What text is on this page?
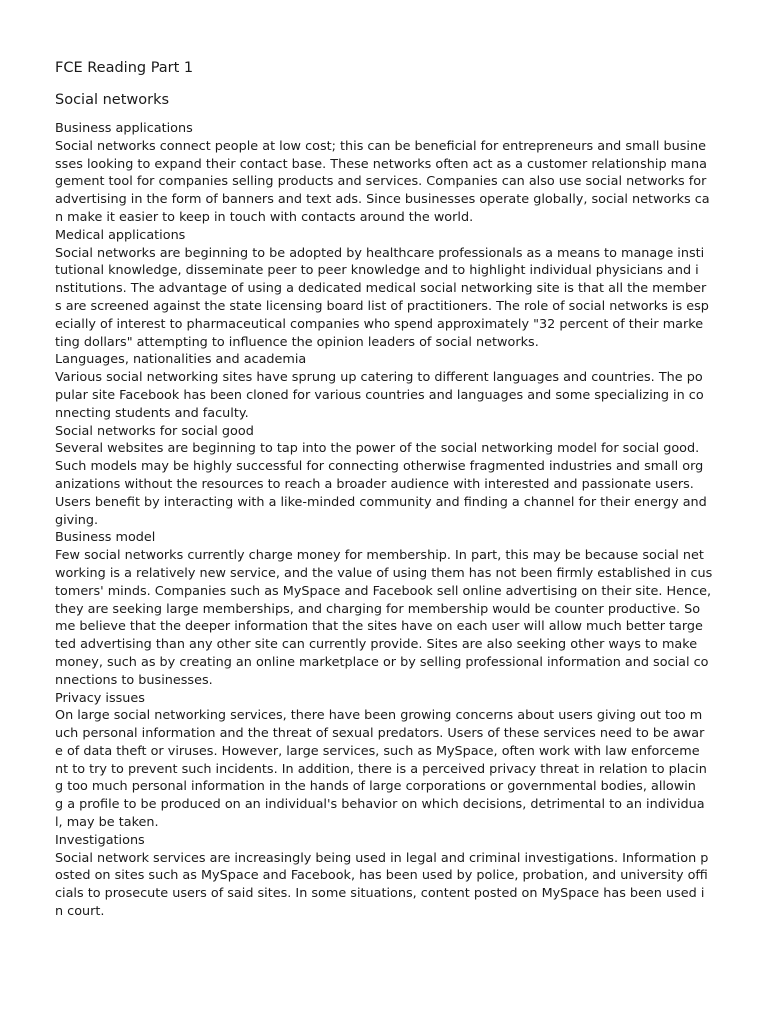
FCE Reading Part 1
Social networks

Business applications

Social networks connect people at low cost; this can be beneficial for entrepreneurs and small busine

sses looking to expand their contact base. These networks often act as a customer relationship mana

gement tool for companies selling products and services. Companies can also use social networks for

advertising in the form of banners and text ads. Since businesses operate globally, social networks ca

n make it easier to keep in touch with contacts around the world.

Medical applications

Social networks are beginning to be adopted by healthcare professionals as a means to manage insti

tutional knowledge, disseminate peer to peer knowledge and to highlight individual physicians and i

nstitutions. The advantage of using a dedicated medical social networking site is that all the member

s are screened against the state licensing board list of practitioners. The role of social networks is esp

ecially of interest to pharmaceutical companies who spend approximately "32 percent of their marke

ting dollars" attempting to influence the opinion leaders of social networks.

Languages, nationalities and academia

Various social networking sites have sprung up catering to different languages and countries. The po

pular site Facebook has been cloned for various countries and languages and some specializing in co

nnecting students and faculty.

Social networks for social good

Several websites are beginning to tap into the power of the social networking model for social good.

Such models may be highly successful for connecting otherwise fragmented industries and small org

anizations without the resources to reach a broader audience with interested and passionate users.

Users benefit by interacting with a like-minded community and finding a channel for their energy and

giving.

Business model

Few social networks currently charge money for membership. In part, this may be because social net

working is a relatively new service, and the value of using them has not been firmly established in cus

tomers' minds. Companies such as MySpace and Facebook sell online advertising on their site. Hence,

they are seeking large memberships, and charging for membership would be counter productive. So

me believe that the deeper information that the sites have on each user will allow much better targe

ted advertising than any other site can currently provide. Sites are also seeking other ways to make

money, such as by creating an online marketplace or by selling professional information and social co

nnections to businesses.

Privacy issues

On large social networking services, there have been growing concerns about users giving out too m

uch personal information and the threat of sexual predators. Users of these services need to be awar

e of data theft or viruses. However, large services, such as MySpace, often work with law enforceme

nt to try to prevent such incidents. In addition, there is a perceived privacy threat in relation to placin

g too much personal information in the hands of large corporations or governmental bodies, allowin

g a profile to be produced on an individual's behavior on which decisions, detrimental to an individua

l, may be taken.

Investigations

Social network services are increasingly being used in legal and criminal investigations. Information p

osted on sites such as MySpace and Facebook, has been used by police, probation, and university offi

cials to prosecute users of said sites. In some situations, content posted on MySpace has been used i

n court.
